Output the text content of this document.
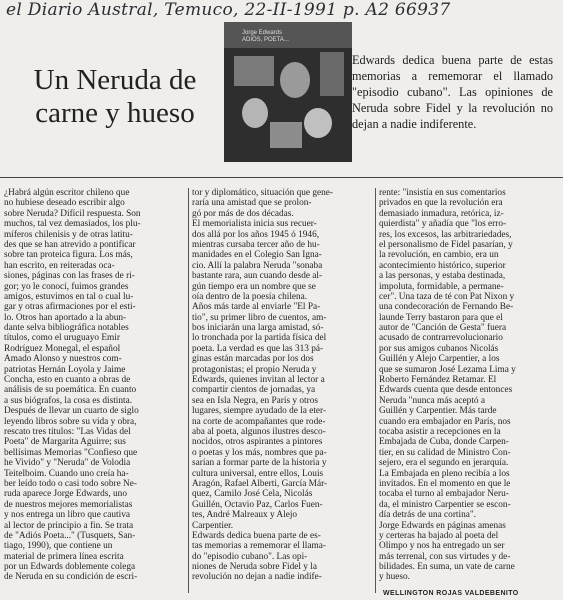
el Diario Austral, Temuco, 22-II-1991 p. A2 66937
Un Neruda de
carne y hueso
Jorge Edwards
ADIÓS, POETA...
Edwards dedica buena parte de estas memorias a rememorar el llamado "episodio cubano". Las opiniones de Neruda sobre Fidel y la revolución no dejan a nadie indiferente.
¿Habrá algún escritor chileno que
no hubiese deseado escribir algo
sobre Neruda? Difícil respuesta. Son
muchos, tal vez demasiados, los plu-
míferos chilenisis y de otras latitu-
des que se han atrevido a pontificar
sobre tan proteica figura. Los más,
han escrito, en reiteradas oca-
siones, páginas con las frases de ri-
gor; yo le conocí, fuimos grandes
amigos, estuvimos en tal o cual lu-
gar y otras afirmaciones por el esti-
lo. Otros han aportado a la abun-
dante selva bibliográfica notables
títulos, como el uruguayo Emir
Rodríguez Monegal, el español
Amado Alonso y nuestros com-
patriotas Hernán Loyola y Jaime
Concha, esto en cuanto a obras de
análisis de su poemática. En cuanto
a sus biógrafos, la cosa es distinta.
Después de llevar un cuarto de siglo
leyendo libros sobre su vida y obra,
rescato tres títulos: "Las Vidas del
Poeta" de Margarita Aguirre; sus
bellísimas Memorias "Confieso que
he Vivido" y "Neruda" de Volodia
Teitelboim. Cuando uno creía ha-
ber leído todo o casi todo sobre Ne-
ruda aparece Jorge Edwards, uno
de nuestros mejores memorialistas
y nos entrega un libro que cautiva
al lector de principio a fin. Se trata
de "Adiós Poeta..." (Tusquets, San-
tiago, 1990), que contiene un
material de primera línea escrita
por un Edwards doblemente colega
de Neruda en su condición de escri-
tor y diplomático, situación que gene-
raría una amistad que se prolon-
gó por más de dos décadas.
El memorialista inicia sus recuer-
dos allá por los años 1945 ó 1946,
mientras cursaba tercer año de hu-
manidades en el Colegio San Igna-
cio. Allí la palabra Neruda "sonaba
bastante rara, aun cuando desde al-
gún tiempo era un nombre que se
oía dentro de la poesía chilena.
Años más tarde al enviarle "El Pa-
tio", su primer libro de cuentos, am-
bos iniciarán una larga amistad, só-
lo tronchada por la partida física del
poeta. La verdad es que las 313 pá-
ginas están marcadas por los dos
protagonistas; el propio Neruda y
Edwards, quienes invitan al lector a
compartir cientos de jornadas, ya
sea en Isla Negra, en París y otros
lugares, siempre ayudado de la eter-
na corte de acompañantes que rode-
aba al poeta, algunos ilustres desco-
nocidos, otros aspirantes a pintores
o poetas y los más, nombres que pa-
sarían a formar parte de la historia y
cultura universal, entre ellos, Louis
Aragón, Rafael Alberti, García Már-
quez, Camilo José Cela, Nicolás
Guillén, Octavio Paz, Carlos Fuen-
tes, André Malreaux y Alejo
Carpentier.
Edwards dedica buena parte de es-
tas memorias a rememorar el llama-
do "episodio cubano". Las opi-
niones de Neruda sobre Fidel y la
revolución no dejan a nadie indife-
rente: "insistía en sus comentarios
privados en que la revolución era
demasiado inmadura, retórica, iz-
quierdista" y añadía que "los erro-
res, los excesos, las arbitrariedades,
el personalismo de Fidel pasarían, y
la revolución, en cambio, era un
acontecimiento histórico, superior
a las personas, y estaba destinada,
impoluta, formidable, a permane-
cer". Una taza de té con Pat Nixon y
una condecoración de Fernando Be-
launde Terry bastaron para que el
autor de "Canción de Gesta" fuera
acusado de contrarrevolucionario
por sus amigos cubanos Nicolás
Guillén y Alejo Carpentier, a los
que se sumaron José Lezama Lima y
Roberto Fernández Retamar. El
Edwards cuenta que desde entonces
Neruda "nunca más aceptó a
Guillén y Carpentier. Más tarde
cuando era embajador en París, nos
tocaba asistir a recepciones en la
Embajada de Cuba, donde Carpen-
tier, en su calidad de Ministro Con-
sejero, era el segundo en jerarquía.
La Embajada en pleno recibía a los
invitados. En el momento en que le
tocaba el turno al embajador Neru-
da, el ministro Carpentier se escon-
día detrás de una cortina".
Jorge Edwards en páginas amenas
y certeras ha bajado al poeta del
Olimpo y nos ha entregado un ser
más terrenal, con sus virtudes y de-
bilidades. En suma, un vate de carne
y hueso.
WELLINGTON ROJAS VALDEBENITO
